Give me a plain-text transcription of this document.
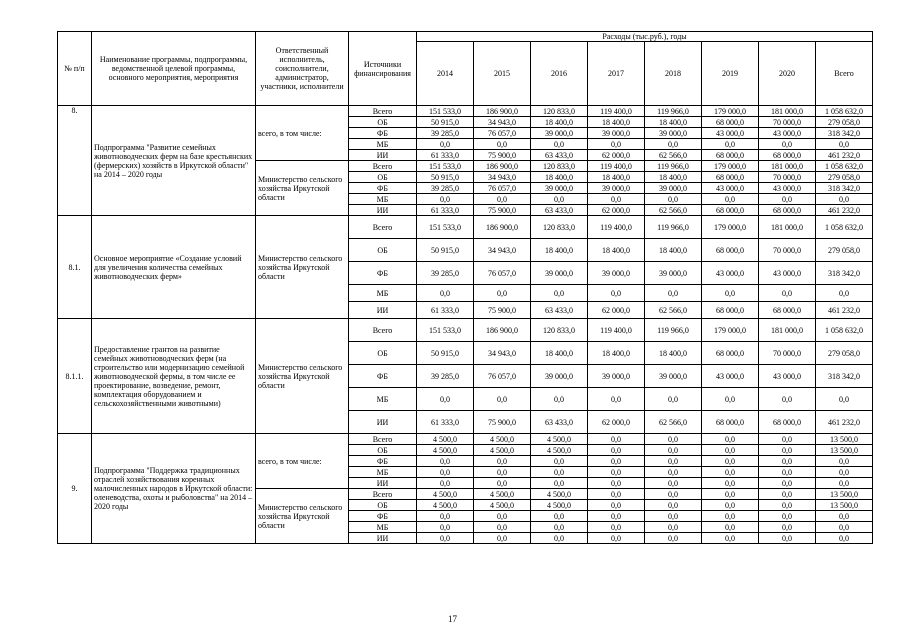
№ п/п	Наименование программы, подпрограммы, ведомственной целевой программы, основного мероприятия, мероприятия	Ответственный исполнитель, соисполнители, администратор, участники, исполнители	Источники финансирования	Расходы (тыс.руб.), годы							
				2014	2015	2016	2017	2018	2019	2020	Всего
8.	Подпрограмма "Развитие семейных животноводческих ферм на базе крестьянских (фермерских) хозяйств в Иркутской области" на 2014 – 2020 годы	всего, в том числе:	Всего	151 533,0	186 900,0	120 833,0	119 400,0	119 966,0	179 000,0	181 000,0	1 058 632,0
			ОБ	50 915,0	34 943,0	18 400,0	18 400,0	18 400,0	68 000,0	70 000,0	279 058,0
			ФБ	39 285,0	76 057,0	39 000,0	39 000,0	39 000,0	43 000,0	43 000,0	318 342,0
			МБ	0,0	0,0	0,0	0,0	0,0	0,0	0,0	0,0
			ИИ	61 333,0	75 900,0	63 433,0	62 000,0	62 566,0	68 000,0	68 000,0	461 232,0
		Министерство сельского хозяйства Иркутской области	Всего	151 533,0	186 900,0	120 833,0	119 400,0	119 966,0	179 000,0	181 000,0	1 058 632,0
			ОБ	50 915,0	34 943,0	18 400,0	18 400,0	18 400,0	68 000,0	70 000,0	279 058,0
			ФБ	39 285,0	76 057,0	39 000,0	39 000,0	39 000,0	43 000,0	43 000,0	318 342,0
			МБ	0,0	0,0	0,0	0,0	0,0	0,0	0,0	0,0
			ИИ	61 333,0	75 900,0	63 433,0	62 000,0	62 566,0	68 000,0	68 000,0	461 232,0
8.1.	Основное мероприятие «Создание условий для увеличения количества семейных животноводческих ферм»	Министерство сельского хозяйства Иркутской области	Всего	151 533,0	186 900,0	120 833,0	119 400,0	119 966,0	179 000,0	181 000,0	1 058 632,0
			ОБ	50 915,0	34 943,0	18 400,0	18 400,0	18 400,0	68 000,0	70 000,0	279 058,0
			ФБ	39 285,0	76 057,0	39 000,0	39 000,0	39 000,0	43 000,0	43 000,0	318 342,0
			МБ	0,0	0,0	0,0	0,0	0,0	0,0	0,0	0,0
			ИИ	61 333,0	75 900,0	63 433,0	62 000,0	62 566,0	68 000,0	68 000,0	461 232,0
8.1.1.	Предоставление грантов на развитие семейных животноводческих ферм (на строительство или модернизацию семейной животноводческой фермы, в том числе ее проектирование, возведение, ремонт, комплектация оборудованием и сельскохозяйственными животными)	Министерство сельского хозяйства Иркутской области	Всего	151 533,0	186 900,0	120 833,0	119 400,0	119 966,0	179 000,0	181 000,0	1 058 632,0
			ОБ	50 915,0	34 943,0	18 400,0	18 400,0	18 400,0	68 000,0	70 000,0	279 058,0
			ФБ	39 285,0	76 057,0	39 000,0	39 000,0	39 000,0	43 000,0	43 000,0	318 342,0
			МБ	0,0	0,0	0,0	0,0	0,0	0,0	0,0	0,0
			ИИ	61 333,0	75 900,0	63 433,0	62 000,0	62 566,0	68 000,0	68 000,0	461 232,0
9.	Подпрограмма "Поддержка традиционных отраслей хозяйствования коренных малочисленных народов в Иркутской области: оленеводства, охоты и рыболовства" на 2014 – 2020 годы	всего, в том числе:	Всего	4 500,0	4 500,0	4 500,0	0,0	0,0	0,0	0,0	13 500,0
			ОБ	4 500,0	4 500,0	4 500,0	0,0	0,0	0,0	0,0	13 500,0
			ФБ	0,0	0,0	0,0	0,0	0,0	0,0	0,0	0,0
			МБ	0,0	0,0	0,0	0,0	0,0	0,0	0,0	0,0
			ИИ	0,0	0,0	0,0	0,0	0,0	0,0	0,0	0,0
		Министерство сельского хозяйства Иркутской области	Всего	4 500,0	4 500,0	4 500,0	0,0	0,0	0,0	0,0	13 500,0
			ОБ	4 500,0	4 500,0	4 500,0	0,0	0,0	0,0	0,0	13 500,0
			ФБ	0,0	0,0	0,0	0,0	0,0	0,0	0,0	0,0
			МБ	0,0	0,0	0,0	0,0	0,0	0,0	0,0	0,0
			ИИ	0,0	0,0	0,0	0,0	0,0	0,0	0,0	0,0
17
